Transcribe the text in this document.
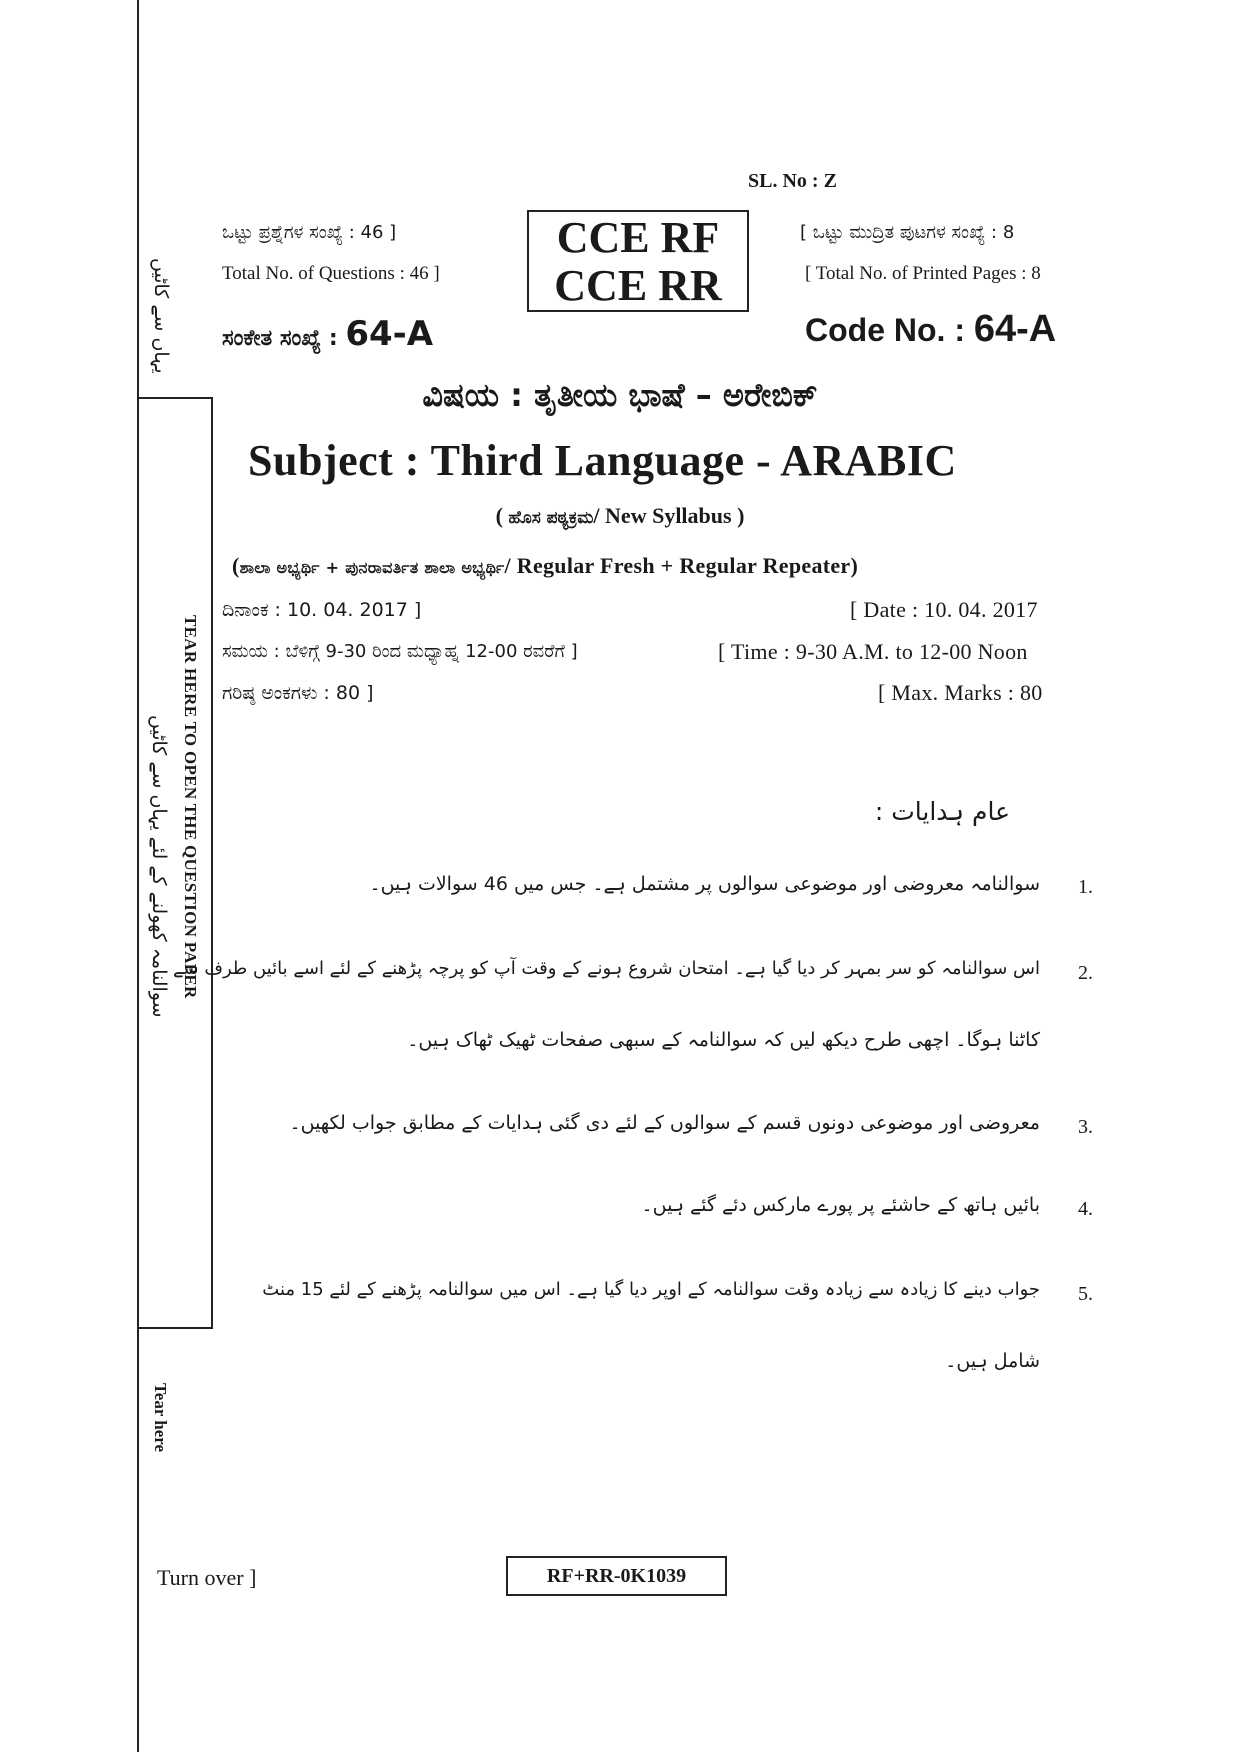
یہاں سے کاٹیں
TEAR HERE TO OPEN THE QUESTION PAPER
سوالنامہ کھولنے کے لئے یہاں سے کاٹیں
Tear here
SL. No : Z
ಒಟ್ಟು ಪ್ರಶ್ನೆಗಳ ಸಂಖ್ಯೆ : 46 ]
Total No. of Questions : 46 ]
CCE RF
CCE RR
[ ಒಟ್ಟು ಮುದ್ರಿತ ಪುಟಗಳ ಸಂಖ್ಯೆ : 8
[ Total No. of Printed Pages : 8
ಸಂಕೇತ ಸಂಖ್ಯೆ : 64-A	Code No. : 64-A
ವಿಷಯ : ತೃತೀಯ ಭಾಷೆ – ಅರೇಬಿಕ್
Subject : Third Language - ARABIC
( ಹೊಸ ಪಠ್ಯಕ್ರಮ/ New Syllabus )
(ಶಾಲಾ ಅಭ್ಯರ್ಥಿ + ಪುನರಾವರ್ತಿತ ಶಾಲಾ ಅಭ್ಯರ್ಥಿ/ Regular Fresh + Regular Repeater)
ದಿನಾಂಕ : 10. 04. 2017 ]	[ Date : 10. 04. 2017
ಸಮಯ : ಬೆಳಿಗ್ಗೆ 9-30 ರಿಂದ ಮಧ್ಯಾಹ್ನ 12-00 ರವರೆಗೆ ]	[ Time : 9-30 A.M. to 12-00 Noon
ಗರಿಷ್ಠ ಅಂಕಗಳು : 80 ]	[ Max. Marks : 80
عام ہدایات :
1.
سوالنامہ معروضی اور موضوعی سوالوں پر مشتمل ہے۔ جس میں 46 سوالات ہیں۔
2.
اس سوالنامہ کو سر بمہر کر دیا گیا ہے۔ امتحان شروع ہونے کے وقت آپ کو پرچہ پڑھنے کے لئے اسے بائیں طرف سے
کاٹنا ہوگا۔ اچھی طرح دیکھ لیں کہ سوالنامہ کے سبھی صفحات ٹھیک ٹھاک ہیں۔
3.
معروضی اور موضوعی دونوں قسم کے سوالوں کے لئے دی گئی ہدایات کے مطابق جواب لکھیں۔
4.
بائیں ہاتھ کے حاشئے پر پورے مارکس دئے گئے ہیں۔
5.
جواب دینے کا زیادہ سے زیادہ وقت سوالنامہ کے اوپر دیا گیا ہے۔ اس میں سوالنامہ پڑھنے کے لئے 15 منٹ
شامل ہیں۔
Turn over ]	RF+RR-0K1039
